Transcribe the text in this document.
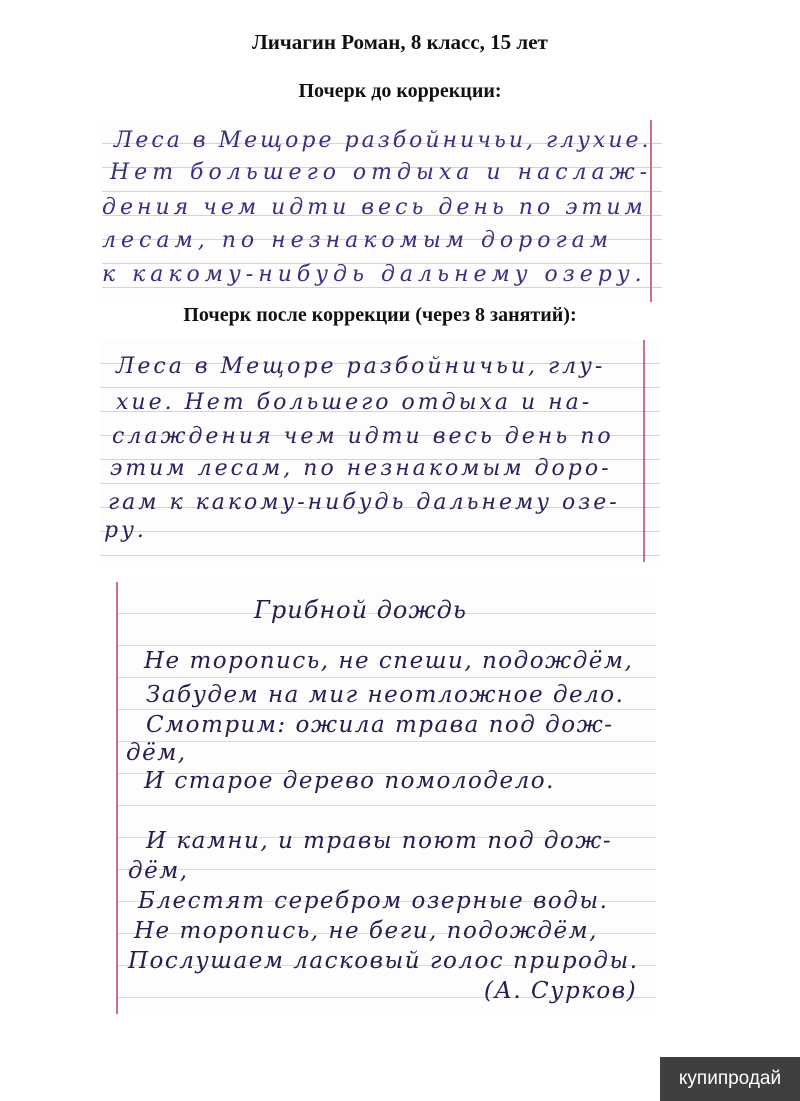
Личагин Роман, 8 класс, 15 лет
Почерк до коррекции:

Леса в Мещоре разбойничьи, глухие.

Нет большего отдыха и наслаж-

дения чем идти весь день по этим

лесам, по незнакомым дорогам

к какому-нибудь дальнему озеру.

Почерк после коррекции (через 8 занятий):

Леса в Мещоре разбойничьи, глу-

хие. Нет большего отдыха и на-

слаждения чем идти весь день по

этим лесам, по незнакомым доро-

гам к какому-нибудь дальнему озе-

ру.

Грибной дождь

Не торопись, не спеши, подождём,

Забудем на миг неотложное дело.

Смотрим: ожила трава под дож-

дём,

И старое дерево помолодело.

И камни, и травы поют под дож-

дём,

Блестят серебром озерные воды.

Не торопись, не беги, подождём,

Послушаем ласковый голос природы.

(А. Сурков)

купипродай
